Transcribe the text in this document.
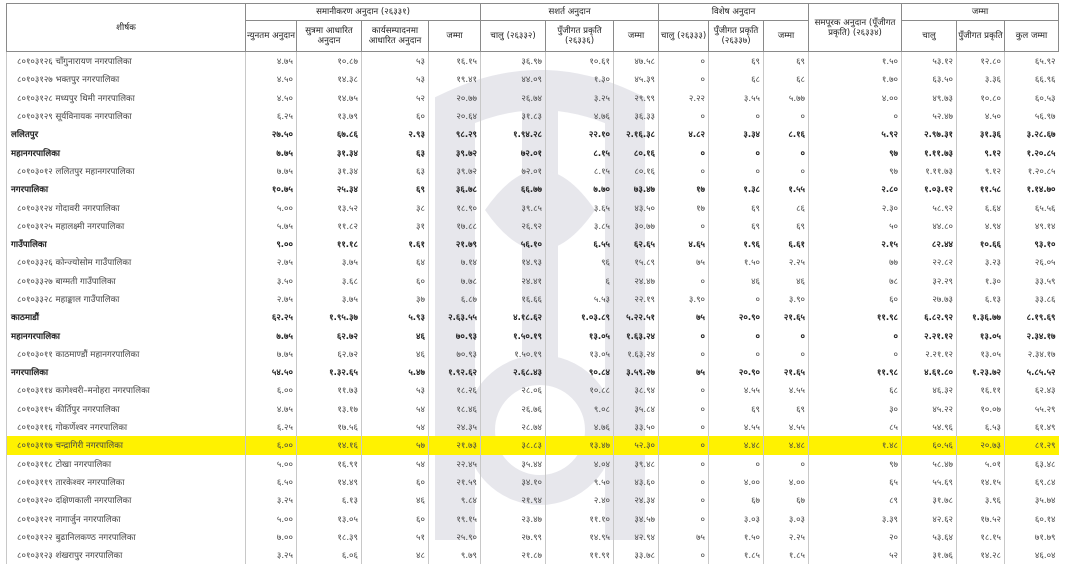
शीर्षक	समानीकरण अनुदान (२६३३१)				सशर्त अनुदान			विशेष अनुदान			समपूरक अनुदान (पूँजीगत प्रकृति) (२६३३४)	जम्मा		
	न्युनतम अनुदान	सुत्रमा आधारित अनुदान	कार्यसम्पादनमा आधारित अनुदान	जम्मा	चालु (२६३३२)	पुँजीगत प्रकृति (२६३३६)	जम्मा	चालु (२६३३३)	पुँजीगत प्रकृति (२६३३७)	जम्मा		चालु	पुँजीगत प्रकृति	कुल जम्मा
८०१०३१२६ चाँगुनारायण नगरपालिका	४.७५	१०.८७	५३	१६.१५	३६.९७	१०.६१	४७.५८	०	६९	६९	१.५०	५३.१२	१२.८०	६५.९२
८०१०३१२७ भक्तपुर नगरपालिका	४.५०	१४.३८	५३	१९.४१	४४.०९	१.३०	४५.३९	०	६८	६८	१.७०	६३.५०	३.३६	६६.९६
८०१०३१२८ मध्यपुर थिमी नगरपालिका	४.५०	१४.७५	५२	२०.७७	२६.७४	३.२५	२९.९९	२.२२	३.५५	५.७७	४.००	४९.७३	१०.८०	६०.५३
८०१०३१२९ सूर्यविनायक नगरपालिका	६.२५	१३.७९	६०	२०.६४	३१.८३	४.७६	३६.३३	०	०	०	०	५२.४७	४.५०	५६.९७
ललितपुर	२७.५०	६७.८६	२.९३	९८.२९	१.९४.२८	२२.१०	२.१६.३८	४.८२	३.३४	८.१६	५.९२	२.९७.३१	३१.३६	३.२८.६७
महानगरपालिका	७.७५	३१.३४	६३	३९.७२	७२.०१	८.१५	८०.१६	०	०	०	९७	१.११.७३	९.१२	१.२०.८५
८०१०३०१२ ललितपुर महानगरपालिका	७.७५	३१.३४	६३	३९.७२	७२.०१	८.१५	८०.१६	०	०	०	९७	१.११.७३	९.१२	१.२०.८५
नगरपालिका	१०.७५	२५.३४	६९	३६.७८	६६.७७	७.७०	७३.४७	१७	१.३८	१.५५	२.८०	१.०३.१२	११.५८	१.१४.७०
८०१०३१२४ गोदावरी नगरपालिका	५.००	१३.५२	३८	१८.९०	३९.८५	३.६५	४३.५०	१७	६९	८६	२.३०	५८.९२	६.६४	६५.५६
८०१०३१२५ महालक्ष्मी नगरपालिका	५.७५	११.८२	३१	१७.८८	२६.९२	३.८५	३०.७७	०	६९	६९	५०	४४.८०	४.९४	४९.१४
गाउँपालिका	९.००	११.१८	१.६१	२१.७९	५६.१०	६.५५	६२.६५	४.६५	१.९६	६.६१	२.१५	८२.४४	१०.६६	९३.१०
८०१०३३२६ कोन्ज्योसोम गाउँपालिका	२.७५	३.७५	६४	७.१४	१४.९३	९६	१५.८९	७५	१.५०	२.२५	७७	२२.८२	३.२३	२६.०५
८०१०३३२७ बाग्मती गाउँपालिका	३.५०	३.६८	६०	७.७८	२४.४१	६	२४.४७	०	४६	४६	७८	३२.२९	१.३०	३३.५९
८०१०३३२८ महाङ्काल गाउँपालिका	२.७५	३.७५	३७	६.८७	१६.६६	५.५३	२२.१९	३.९०	०	३.९०	६०	२७.७३	६.१३	३३.८६
काठमाडौं	६२.२५	१.९५.३७	५.९३	२.६३.५५	४.१८.६२	१.०३.८९	५.२२.५१	७५	२०.९०	२१.६५	११.९८	६.८२.९२	१.३६.७७	८.१९.६९
महानगरपालिका	७.७५	६२.७२	४६	७०.९३	१.५०.१९	१३.०५	१.६३.२४	०	०	०	०	२.२१.१२	१३.०५	२.३४.१७
८०१०३०११ काठमाण्डौं महानगरपालिका	७.७५	६२.७२	४६	७०.९३	१.५०.१९	१३.०५	१.६३.२४	०	०	०	०	२.२१.१२	१३.०५	२.३४.१७
नगरपालिका	५४.५०	१.३२.६५	५.४७	१.९२.६२	२.६८.४३	९०.८४	३.५९.२७	७५	२०.९०	२१.६५	११.९८	४.६१.८०	१.२३.७२	५.८५.५२
८०१०३११४ कागेश्वरी–मनोहरा नगरपालिका	६.००	११.७३	५३	१८.२६	२८.०६	१०.८८	३८.९४	०	४.५५	४.५५	६८	४६.३२	१६.११	६२.४३
८०१०३११५ कीर्तिपुर नगरपालिका	४.७५	१३.१७	५४	१८.४६	२६.७६	९.०८	३५.८४	०	६९	६९	३०	४५.२२	१०.०७	५५.२९
८०१०३११६ गोकर्णेश्वर नगरपालिका	६.२५	१७.५६	५४	२४.३५	२८.७४	४.७६	३३.५०	०	४.५५	४.५५	८५	५४.९६	६.५३	६१.४९
८०१०३११७ चन्द्रागिरी नगरपालिका	६.००	१४.१६	५७	२१.७३	३८.८३	१३.४७	५२.३०	०	४.४८	४.४८	१.४८	६०.५६	२०.७३	८१.२९
८०१०३११८ टोखा नगरपालिका	५.००	१६.९१	५४	२२.४५	३५.४४	४.०४	३९.४८	०	०	०	९७	५८.४७	५.०१	६३.४८
८०१०३११९ तारकेश्वर नगरपालिका	६.५०	१४.४९	६०	२१.५९	३४.१०	९.५०	४३.६०	०	४.००	४.००	६५	५५.६९	१४.१५	६९.८४
८०१०३१२० दक्षिणकाली नगरपालिका	३.२५	६.१३	४६	९.८४	२१.९४	२.४०	२४.३४	०	६७	६७	८९	३१.७८	३.९६	३५.७४
८०१०३१२१ नागार्जुन नगरपालिका	५.००	१३.०५	६०	१९.१५	२३.४७	११.१०	३४.५७	०	३.०३	३.०३	३.३९	४२.६२	१७.५२	६०.१४
८०१०३१२२ बुढानिलकण्ठ नगरपालिका	७.००	१८.३९	५१	२५.९०	२७.९९	१४.९५	४२.९४	७५	१.५०	२.२५	२०	५३.६४	१८.१५	७१.७९
८०१०३१२३ शंखरापुर नगरपालिका	३.२५	६.०६	४८	९.७९	२१.८७	११.९१	३३.७८	०	१.८५	१.८५	५२	३१.७६	१४.२८	४६.०४
